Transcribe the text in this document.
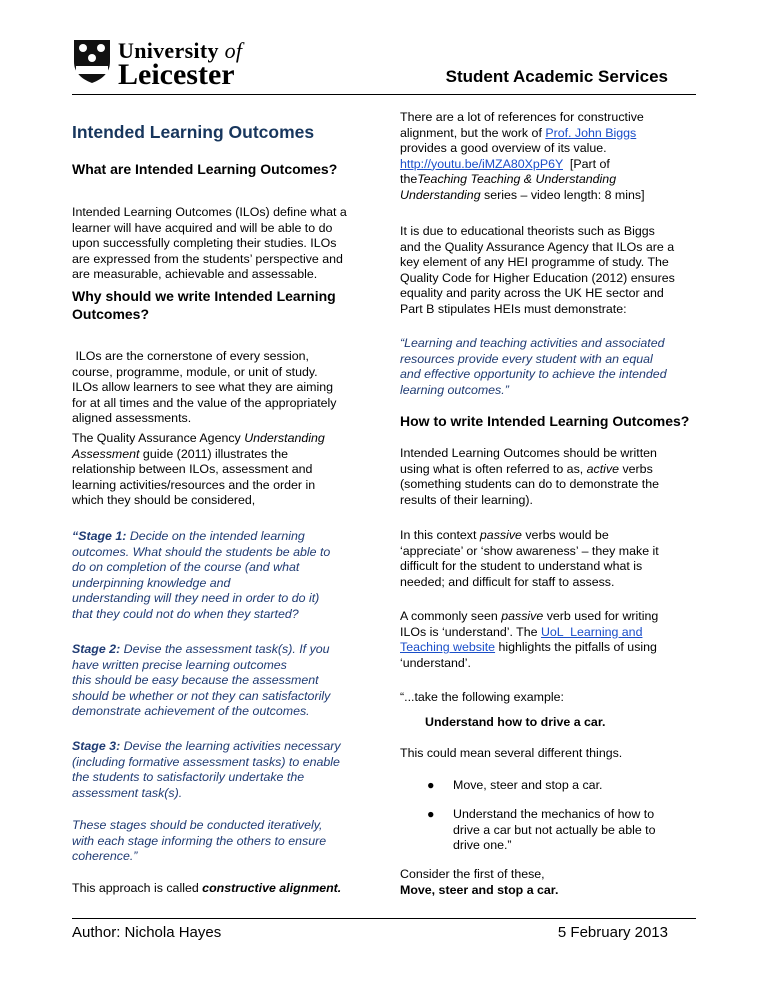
University of
Leicester	Student Academic Services
Intended Learning Outcomes
What are Intended Learning Outcomes?
Intended Learning Outcomes (ILOs) define what a
learner will have acquired and will be able to do
upon successfully completing their studies. ILOs
are expressed from the students’ perspective and
are measurable, achievable and assessable.
Why should we write Intended Learning
Outcomes?
ILOs are the cornerstone of every session,
course, programme, module, or unit of study.
ILOs allow learners to see what they are aiming
for at all times and the value of the appropriately
aligned assessments.
The Quality Assurance Agency Understanding
Assessment guide (2011) illustrates the
relationship between ILOs, assessment and
learning activities/resources and the order in
which they should be considered,
“Stage 1: Decide on the intended learning
outcomes. What should the students be able to
do on completion of the course (and what
underpinning knowledge and
understanding will they need in order to do it)
that they could not do when they started?
Stage 2: Devise the assessment task(s). If you
have written precise learning outcomes
this should be easy because the assessment
should be whether or not they can satisfactorily
demonstrate achievement of the outcomes.
Stage 3: Devise the learning activities necessary
(including formative assessment tasks) to enable
the students to satisfactorily undertake the
assessment task(s).
These stages should be conducted iteratively,
with each stage informing the others to ensure
coherence.”
This approach is called constructive alignment.
There are a lot of references for constructive
alignment, but the work of Prof. John Biggs
provides a good overview of its value.
http://youtu.be/iMZA80XpP6Y  [Part of
theTeaching Teaching & Understanding
Understanding series – video length: 8 mins]
It is due to educational theorists such as Biggs
and the Quality Assurance Agency that ILOs are a
key element of any HEI programme of study. The
Quality Code for Higher Education (2012) ensures
equality and parity across the UK HE sector and
Part B stipulates HEIs must demonstrate:
“Learning and teaching activities and associated
resources provide every student with an equal
and effective opportunity to achieve the intended
learning outcomes.”
How to write Intended Learning Outcomes?
Intended Learning Outcomes should be written
using what is often referred to as, active verbs
(something students can do to demonstrate the
results of their learning).
In this context passive verbs would be
‘appreciate’ or ‘show awareness’ – they make it
difficult for the student to understand what is
needed; and difficult for staff to assess.
A commonly seen passive verb used for writing
ILOs is ‘understand’. The UoL  Learning and
Teaching website highlights the pitfalls of using
‘understand’.
“...take the following example:
Understand how to drive a car.
This could mean several different things.
● Move, steer and stop a car.
● Understand the mechanics of how to
drive a car but not actually be able to
drive one.”
Consider the first of these,
Move, steer and stop a car.
Author: Nichola Hayes	5 February 2013
